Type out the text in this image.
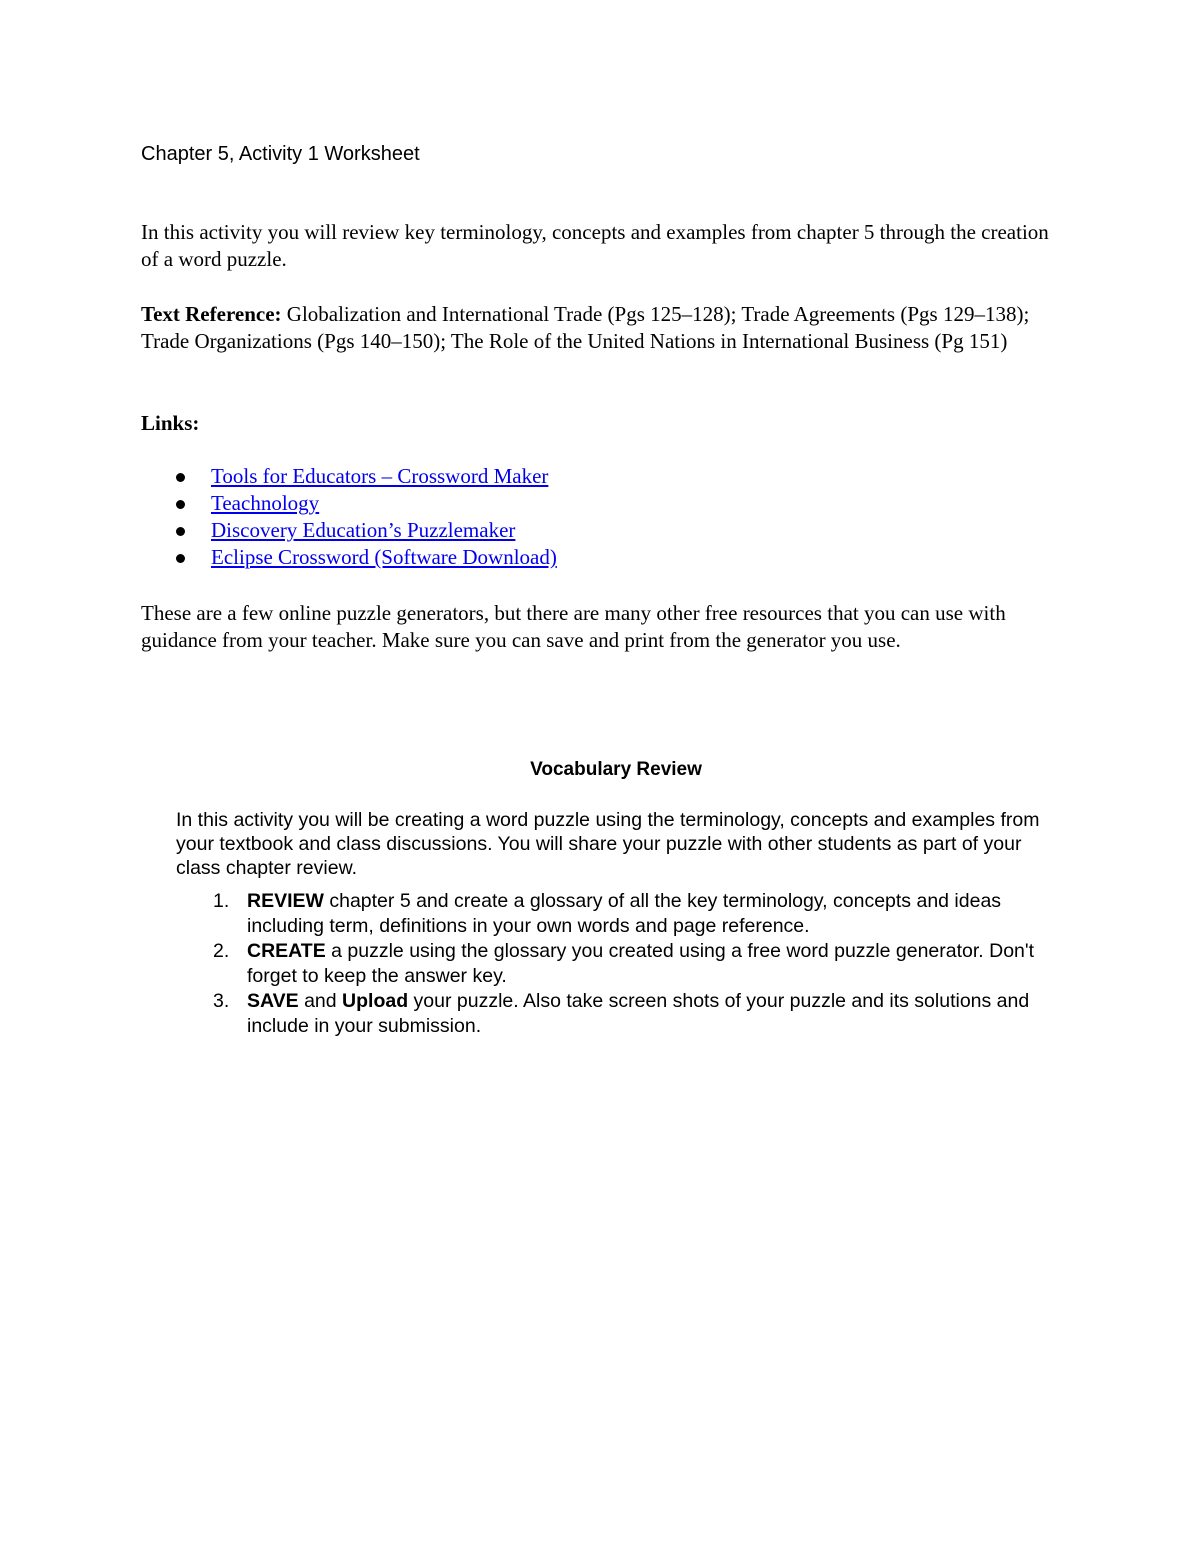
Chapter 5, Activity 1 Worksheet

In this activity you will review key terminology, concepts and examples from chapter 5 through the creation of a word puzzle.

Text Reference: Globalization and International Trade (Pgs 125–128); Trade Agreements (Pgs 129–138); Trade Organizations (Pgs 140–150); The Role of the United Nations in International Business (Pg 151)

Links:
Tools for Educators – Crossword Maker
Teachnology
Discovery Education’s Puzzlemaker
Eclipse Crossword (Software Download)

These are a few online puzzle generators, but there are many other free resources that you can use with guidance from your teacher. Make sure you can save and print from the generator you use.

Vocabulary Review

In this activity you will be creating a word puzzle using the terminology, concepts and examples from your textbook and class discussions. You will share your puzzle with other students as part of your class chapter review.

1. REVIEW chapter 5 and create a glossary of all the key terminology, concepts and ideas including term, definitions in your own words and page reference.
2. CREATE a puzzle using the glossary you created using a free word puzzle generator. Don't forget to keep the answer key.
3. SAVE and Upload your puzzle. Also take screen shots of your puzzle and its solutions and include in your submission.
